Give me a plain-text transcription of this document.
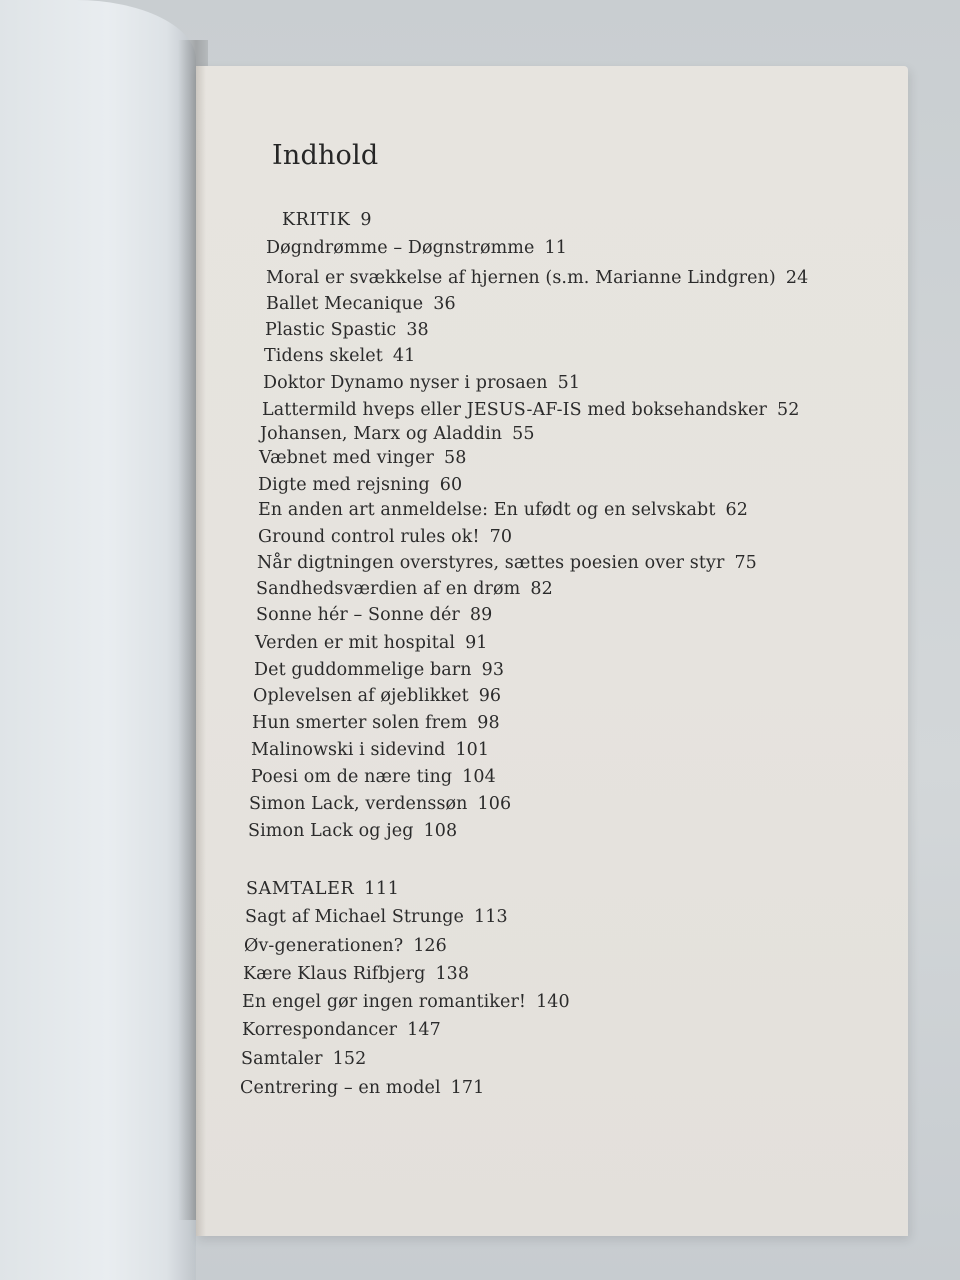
Indhold
KRITIK 9
Døgndrømme – Døgnstrømme 11
Moral er svækkelse af hjernen (s.m. Marianne Lindgren) 24
Ballet Mecanique 36
Plastic Spastic 38
Tidens skelet 41
Doktor Dynamo nyser i prosaen 51
Lattermild hveps eller JESUS-AF-IS med boksehandsker 52
Johansen, Marx og Aladdin 55
Væbnet med vinger 58
Digte med rejsning 60
En anden art anmeldelse: En ufødt og en selvskabt 62
Ground control rules ok! 70
Når digtningen overstyres, sættes poesien over styr 75
Sandhedsværdien af en drøm 82
Sonne hér – Sonne dér 89
Verden er mit hospital 91
Det guddommelige barn 93
Oplevelsen af øjeblikket 96
Hun smerter solen frem 98
Malinowski i sidevind 101
Poesi om de nære ting 104
Simon Lack, verdenssøn 106
Simon Lack og jeg 108
SAMTALER 111
Sagt af Michael Strunge 113
Øv-generationen? 126
Kære Klaus Rifbjerg 138
En engel gør ingen romantiker! 140
Korrespondancer 147
Samtaler 152
Centrering – en model 171
